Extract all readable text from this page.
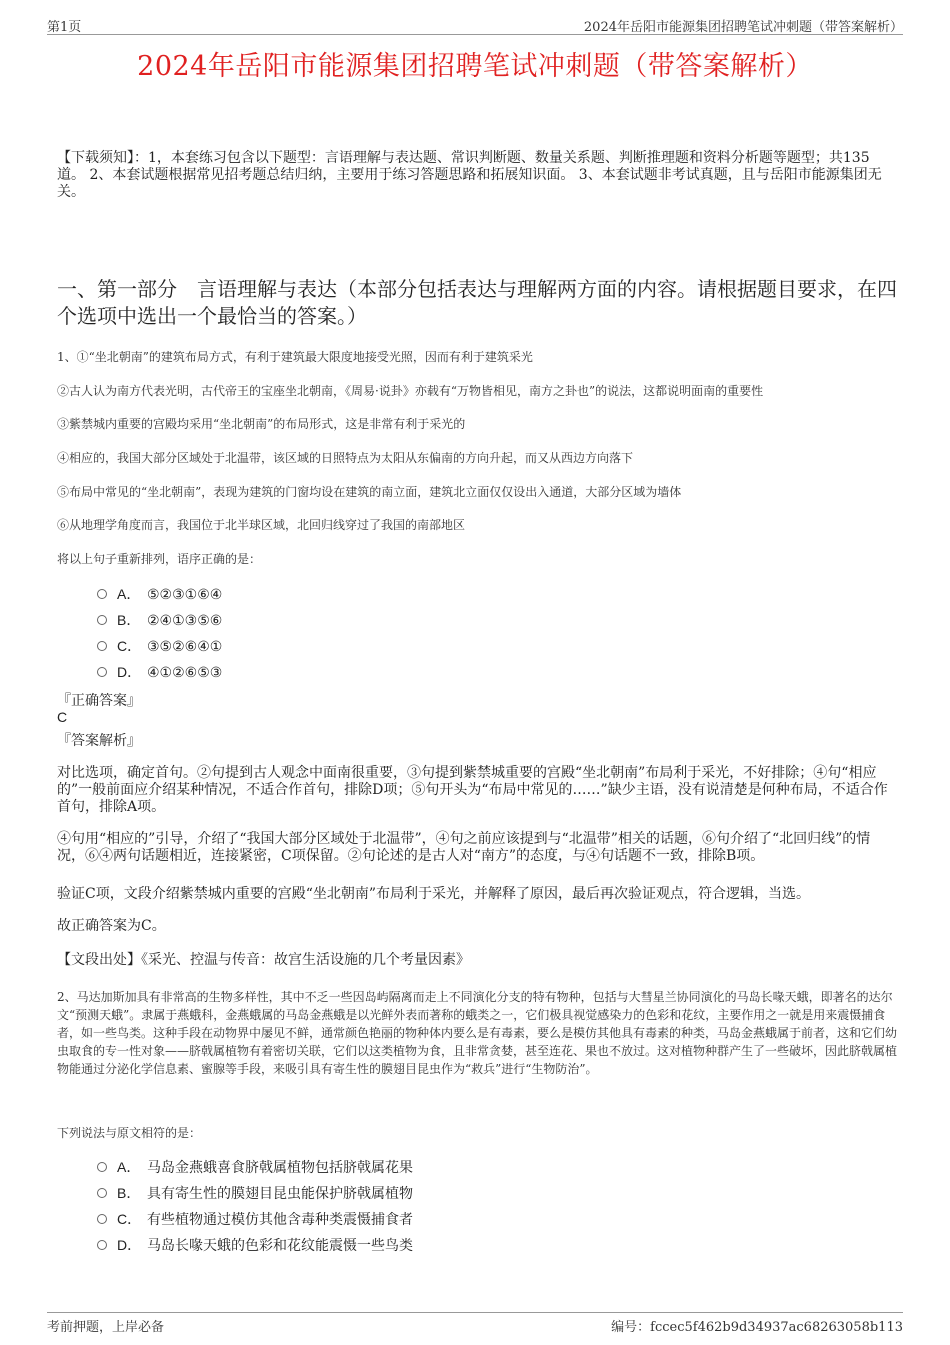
第1页	2024年岳阳市能源集团招聘笔试冲刺题（带答案解析）
2024年岳阳市能源集团招聘笔试冲刺题（带答案解析）
【下载须知】：1，本套练习包含以下题型：言语理解与表达题、常识判断题、数量关系题、判断推理题和资料分析题等题型；共135道。 2、本套试题根据常见招考题总结归纳，主要用于练习答题思路和拓展知识面。 3、本套试题非考试真题，且与岳阳市能源集团无关。
一、第一部分　言语理解与表达（本部分包括表达与理解两方面的内容。请根据题目要求，在四个选项中选出一个最恰当的答案。）
1、①“坐北朝南”的建筑布局方式，有利于建筑最大限度地接受光照，因而有利于建筑采光
②古人认为南方代表光明，古代帝王的宝座坐北朝南，《周易·说卦》亦载有“万物皆相见，南方之卦也”的说法，这都说明面南的重要性
③紫禁城内重要的宫殿均采用“坐北朝南”的布局形式，这是非常有利于采光的
④相应的，我国大部分区域处于北温带，该区域的日照特点为太阳从东偏南的方向升起，而又从西边方向落下
⑤布局中常见的“坐北朝南”，表现为建筑的门窗均设在建筑的南立面，建筑北立面仅仅设出入通道，大部分区域为墙体
⑥从地理学角度而言，我国位于北半球区域，北回归线穿过了我国的南部地区
将以上句子重新排列，语序正确的是：
A． ⑤②③①⑥④
B． ②④①③⑤⑥
C． ③⑤②⑥④①
D． ④①②⑥⑤③
『正确答案』
C
『答案解析』
对比选项，确定首句。②句提到古人观念中面南很重要，③句提到紫禁城重要的宫殿“坐北朝南”布局利于采光，不好排除；④句“相应的”一般前面应介绍某种情况，不适合作首句，排除D项；⑤句开头为“布局中常见的……”缺少主语，没有说清楚是何种布局，不适合作首句，排除A项。
④句用“相应的”引导，介绍了“我国大部分区域处于北温带”，④句之前应该提到与“北温带”相关的话题，⑥句介绍了“北回归线”的情况，⑥④两句话题相近，连接紧密，C项保留。②句论述的是古人对“南方”的态度，与④句话题不一致，排除B项。
验证C项，文段介绍紫禁城内重要的宫殿“坐北朝南”布局利于采光，并解释了原因，最后再次验证观点，符合逻辑，当选。
故正确答案为C。
【文段出处】《采光、控温与传音：故宫生活设施的几个考量因素》
2、马达加斯加具有非常高的生物多样性，其中不乏一些因岛屿隔离而走上不同演化分支的特有物种，包括与大彗星兰协同演化的马岛长喙天蛾，即著名的达尔文“预测天蛾”。隶属于燕蛾科，金燕蛾属的马岛金燕蛾是以光鲜外表而著称的蛾类之一，它们极具视觉感染力的色彩和花纹，主要作用之一就是用来震慑捕食者，如一些鸟类。这种手段在动物界中屡见不鲜，通常颜色艳丽的物种体内要么是有毒素，要么是模仿其他具有毒素的种类，马岛金燕蛾属于前者，这和它们幼虫取食的专一性对象——脐戟属植物有着密切关联，它们以这类植物为食，且非常贪婪，甚至连花、果也不放过。这对植物种群产生了一些破坏，因此脐戟属植物能通过分泌化学信息素、蜜腺等手段，来吸引具有寄生性的膜翅目昆虫作为“救兵”进行“生物防治”。
下列说法与原文相符的是：
A． 马岛金燕蛾喜食脐戟属植物包括脐戟属花果
B． 具有寄生性的膜翅目昆虫能保护脐戟属植物
C． 有些植物通过模仿其他含毒种类震慑捕食者
D． 马岛长喙天蛾的色彩和花纹能震慑一些鸟类
考前押题，上岸必备	编号：fccec5f462b9d34937ac68263058b113
